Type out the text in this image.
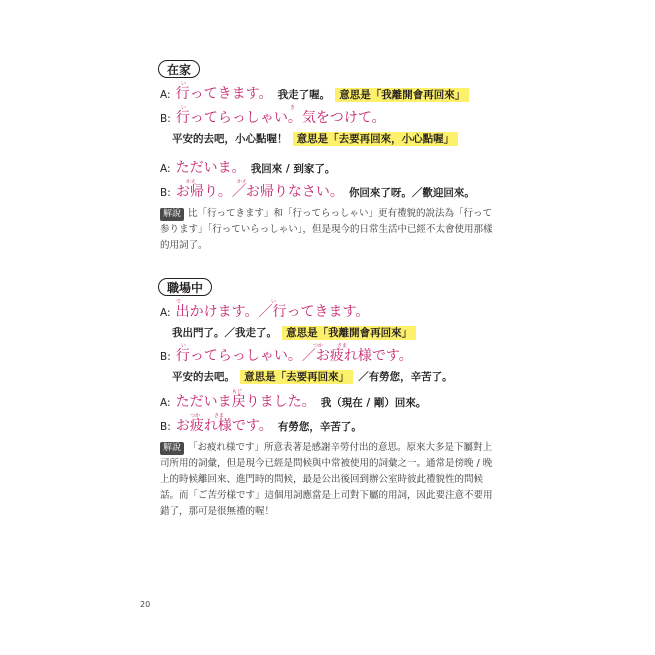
在家
A: 行ってきます。 我走了喔。 意思是「我離開會再回來」
い
B: 行ってらっしゃい。気をつけて。
い	き
平安的去吧，小心點喔！ 意思是「去要再回來，小心點喔」
A: ただいま。 我回來 / 到家了。
B: お帰り。／お帰りなさい。 你回來了呀。／歡迎回來。
かえ	かえ
解說 比「行ってきます」和「行ってらっしゃい」更有禮貌的說法為「行って参ります」「行っていらっしゃい」，但是現今的日常生活中已經不太會使用那樣的用詞了。
職場中
A: 出かけます。／行ってきます。
で	い
我出門了。／我走了。 意思是「我離開會再回來」
B: 行ってらっしゃい。／お疲れ様です。
い	つか	さま
平安的去吧。 意思是「去要再回來」 ／有勞您，辛苦了。
A: ただいま戻りました。 我（現在 / 剛）回來。
もど
B: お疲れ様です。 有勞您，辛苦了。
つか	さま
解說 「お疲れ様です」所意表著是感謝辛勞付出的意思。原來大多是下屬對上司所用的詞彙，但是現今已經是問候與中常被使用的詞彙之一。通常是傍晚 / 晚上的時候離回來、進門時的問候，最是公出後回到辦公室時彼此禮貌性的問候話。而「ご苦労様です」這個用詞應當是上司對下屬的用詞，因此要注意不要用錯了，那可是很無禮的喔！
20
